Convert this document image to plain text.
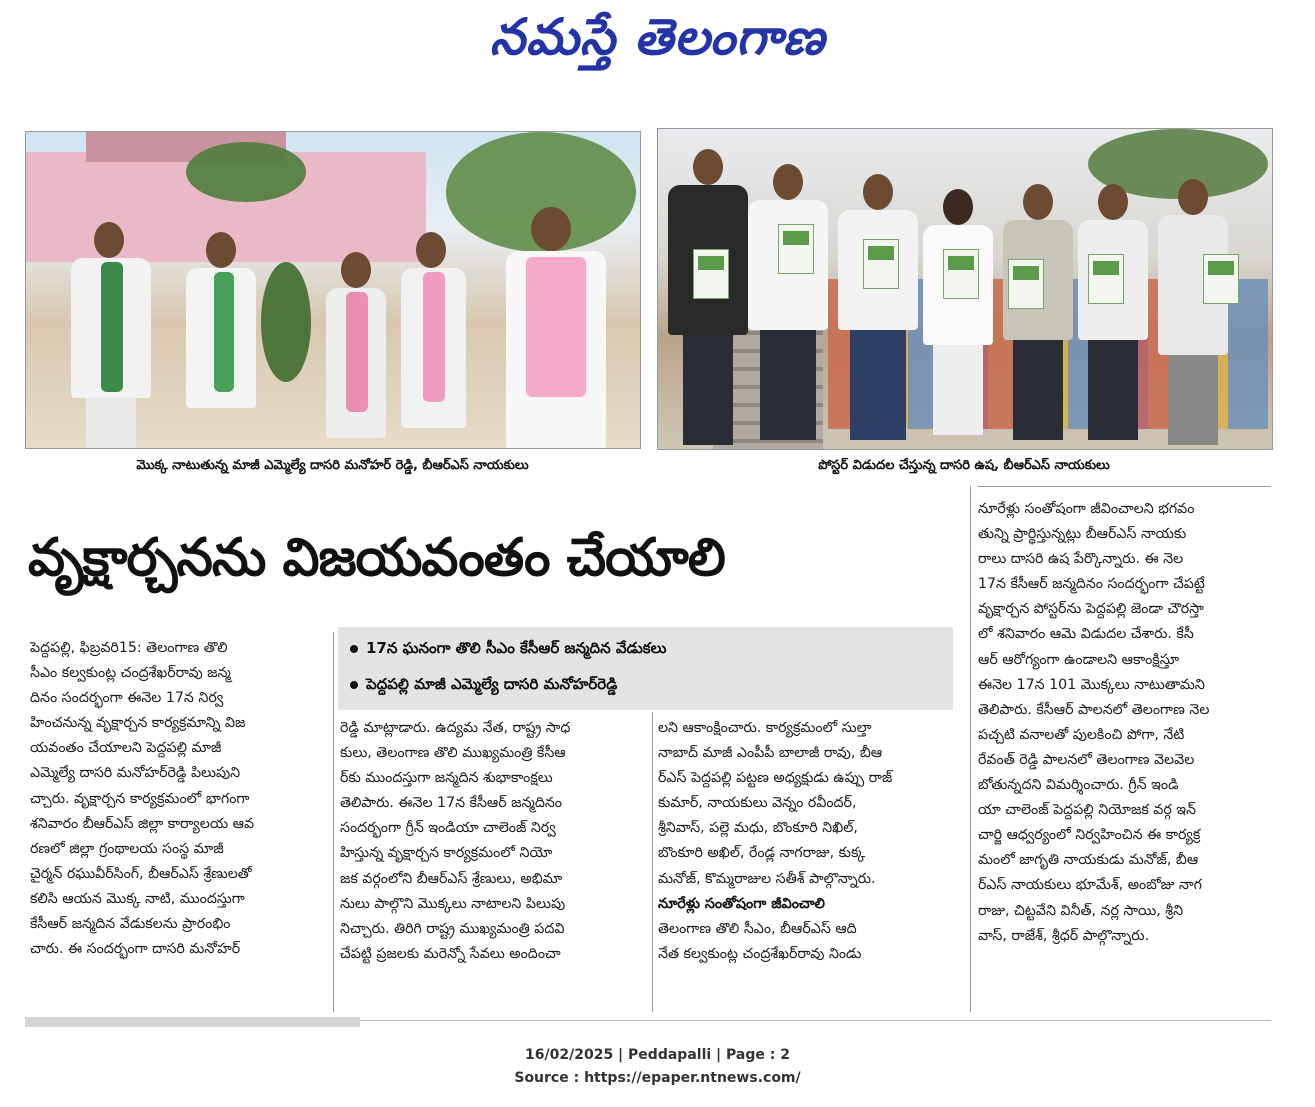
నమస్తే తెలంగాణ
మొక్క నాటుతున్న మాజీ ఎమ్మెల్యే దాసరి మనోహర్ రెడ్డి, బీఆర్‌ఎస్ నాయకులు	పోస్టర్ విడుదల చేస్తున్న దాసరి ఉష, బీఆర్‌ఎస్ నాయకులు
వృక్షార్చనను విజయవంతం చేయాలి
17న ఘనంగా తొలి సీఎం కేసీఆర్ జన్మదిన వేడుకలు
పెద్దపల్లి మాజీ ఎమ్మెల్యే దాసరి మనోహర్‌రెడ్డి
పెద్దపల్లి, ఫిబ్రవరి15: తెలంగాణ తొలి
సీఎం కల్వకుంట్ల చంద్రశేఖర్‌రావు జన్మ
దినం సందర్భంగా ఈనెల 17న నిర్వ
హించనున్న వృక్షార్చన కార్యక్రమాన్ని విజ
యవంతం చేయాలని పెద్దపల్లి మాజీ
ఎమ్మెల్యే దాసరి మనోహర్‌రెడ్డి పిలుపుని
చ్చారు. వృక్షార్చన కార్యక్రమంలో భాగంగా
శనివారం బీఆర్‌ఎస్ జిల్లా కార్యాలయ ఆవ
రణలో జిల్లా గ్రంథాలయ సంస్థ మాజీ
చైర్మన్ రఘువీర్‌సింగ్, బీఆర్‌ఎస్ శ్రేణులతో
కలిసి ఆయన మొక్క నాటి, ముందస్తుగా
కేసీఆర్ జన్మదిన వేడుకలను ప్రారంభిం
చారు. ఈ సందర్భంగా దాసరి మనోహర్
రెడ్డి మాట్లాడారు. ఉద్యమ నేత, రాష్ట్ర సాధ
కులు, తెలంగాణ తొలి ముఖ్యమంత్రి కేసీఆ
ర్‌కు ముందస్తుగా జన్మదిన శుభాకాంక్షలు
తెలిపారు. ఈనెల 17న కేసీఆర్ జన్మదినం
సందర్భంగా గ్రీన్ ఇండియా చాలెంజ్ నిర్వ
హిస్తున్న వృక్షార్చన కార్యక్రమంలో నియో
జక వర్గంలోని బీఆర్‌ఎస్ శ్రేణులు, అభిమా
నులు పాల్గొని మొక్కలు నాటాలని పిలుపు
నిచ్చారు. తిరిగి రాష్ట్ర ముఖ్యమంత్రి పదవి
చేపట్టి ప్రజలకు మరెన్నో సేవలు అందించా
లని ఆకాంక్షించారు. కార్యక్రమంలో సుల్తా
నాబాద్ మాజీ ఎంపీపీ బాలాజీ రావు, బీఆ
ర్‌ఎస్ పెద్దపల్లి పట్టణ అధ్యక్షుడు ఉప్పు రాజ్
కుమార్, నాయకులు వెన్నం రవీందర్,
శ్రీనివాస్, పల్లె మధు, బొంకూరి నిఖిల్,
బొంకూరి అఖిల్, రేండ్ల నాగరాజు, కుక్క
మనోజ్, కొమ్మరాజుల సతీశ్ పాల్గొన్నారు.
నూరేళ్లు సంతోషంగా జీవించాలి
తెలంగాణ తొలి సీఎం, బీఆర్‌ఎస్ ఆది
నేత కల్వకుంట్ల చంద్రశేఖర్‌రావు నిండు
నూరేళ్లు సంతోషంగా జీవించాలని భగవం
తున్ని ప్రార్థిస్తున్నట్లు బీఆర్‌ఎస్ నాయకు
రాలు దాసరి ఉష పేర్కొన్నారు. ఈ నెల
17న కేసీఆర్ జన్మదినం సందర్భంగా చేపట్టే
వృక్షార్చన పోస్టర్‌ను పెద్దపల్లి జెండా చౌరస్తా
లో శనివారం ఆమె విడుదల చేశారు. కేసీ
ఆర్ ఆరోగ్యంగా ఉండాలని ఆకాంక్షిస్తూ
ఈనెల 17న 101 మొక్కలు నాటుతామని
తెలిపారు. కేసీఆర్ పాలనలో తెలంగాణ నెల
పచ్చటి వనాలతో పులకించి పోగా, నేటి
రేవంత్ రెడ్డి పాలనలో తెలంగాణ వెలవెల
బోతున్నదని విమర్శించారు. గ్రీన్ ఇండి
యా చాలెంజ్ పెద్దపల్లి నియోజక వర్గ ఇన్
చార్జి ఆధ్వర్యంలో నిర్వహించిన ఈ కార్యక్ర
మంలో జాగృతి నాయకుడు మనోజ్, బీఆ
ర్‌ఎస్ నాయకులు భూమేశ్, అంబోజు నాగ
రాజు, చిట్టవేని వినీత్, నర్ల సాయి, శ్రీని
వాస్, రాజేశ్, శ్రీధర్ పాల్గొన్నారు.
16/02/2025 | Peddapalli | Page : 2
Source : https://epaper.ntnews.com/
